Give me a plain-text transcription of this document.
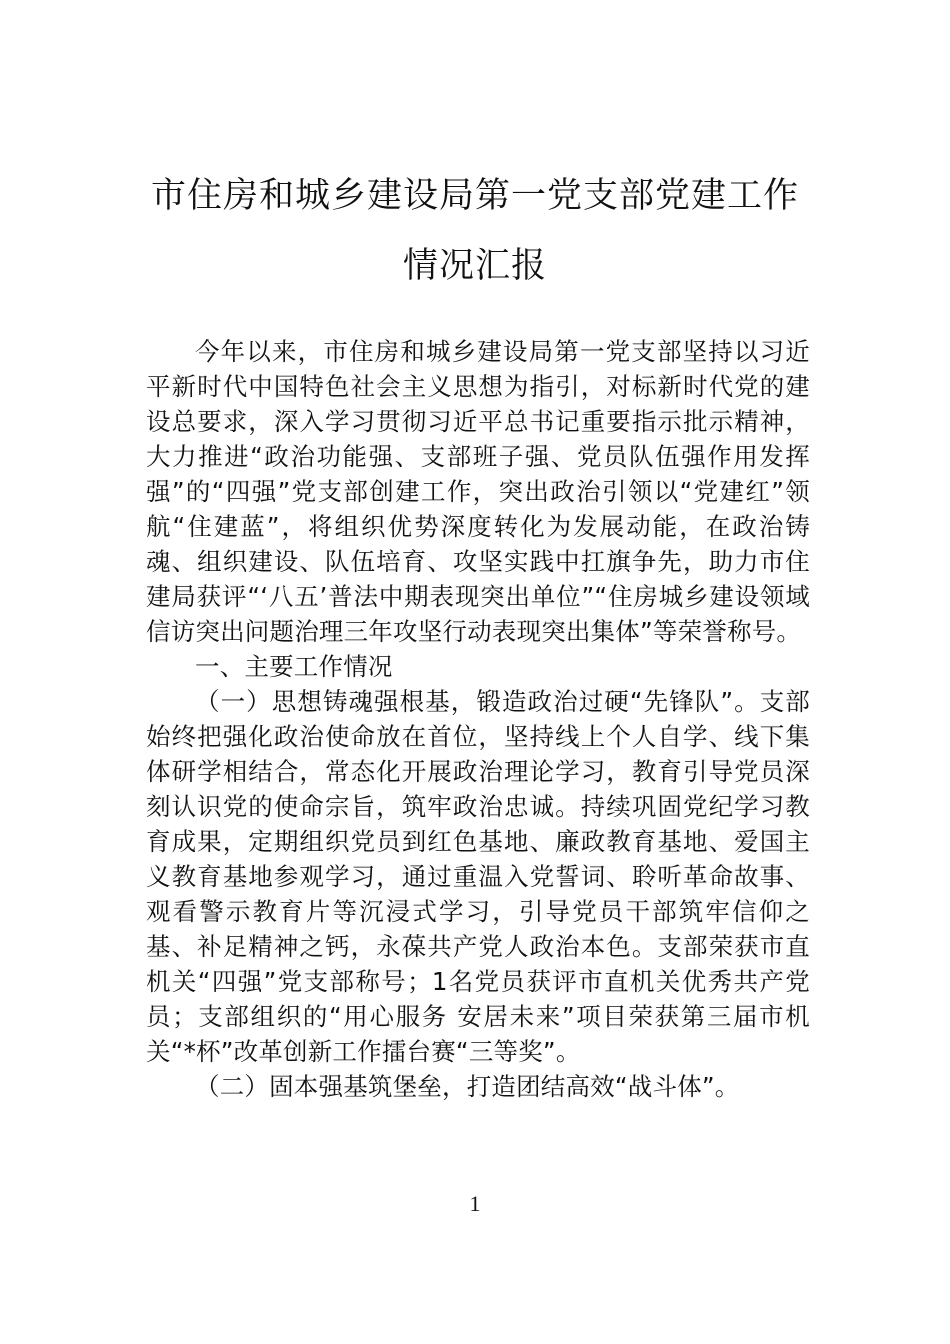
市住房和城乡建设局第一党支部党建工作
情况汇报

今年以来，市住房和城乡建设局第一党支部坚持以习近平新时代中国特色社会主义思想为指引，对标新时代党的建设总要求，深入学习贯彻习近平总书记重要指示批示精神，大力推进“政治功能强、支部班子强、党员队伍强作用发挥强”的“四强”党支部创建工作，突出政治引领以“党建红”领航“住建蓝”，将组织优势深度转化为发展动能，在政治铸魂、组织建设、队伍培育、攻坚实践中扛旗争先，助力市住建局获评“‘八五’普法中期表现突出单位”“住房城乡建设领域信访突出问题治理三年攻坚行动表现突出集体”等荣誉称号。

一、主要工作情况

（一）思想铸魂强根基，锻造政治过硬“先锋队”。支部始终把强化政治使命放在首位，坚持线上个人自学、线下集体研学相结合，常态化开展政治理论学习，教育引导党员深刻认识党的使命宗旨，筑牢政治忠诚。持续巩固党纪学习教育成果，定期组织党员到红色基地、廉政教育基地、爱国主义教育基地参观学习，通过重温入党誓词、聆听革命故事、观看警示教育片等沉浸式学习，引导党员干部筑牢信仰之基、补足精神之钙，永葆共产党人政治本色。支部荣获市直机关“四强”党支部称号；1名党员获评市直机关优秀共产党员；支部组织的“用心服务 安居未来”项目荣获第三届市机关“*杯”改革创新工作擂台赛“三等奖”。

（二）固本强基筑堡垒，打造团结高效“战斗体”。

1
